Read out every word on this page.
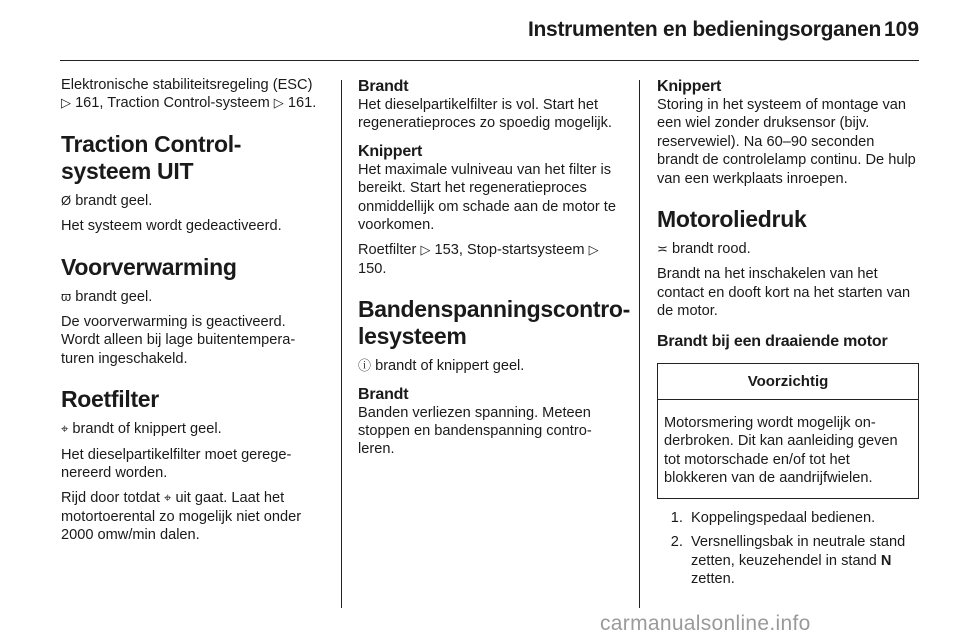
Instrumenten en bedieningsorganen 109

Elektronische stabiliteitsregeling (ESC) ▷ 161, Traction Control-systeem ▷ 161.

Traction Control-systeem UIT

Ø brandt geel.

Het systeem wordt gedeactiveerd.

Voorverwarming

ϖ brandt geel.

De voorverwarming is geactiveerd. Wordt alleen bij lage buitentemperaturen ingeschakeld.

Roetfilter

⌖ brandt of knippert geel.

Het dieselpartikelfilter moet geregenereerd worden.

Rijd door totdat ⌖ uit gaat. Laat het motortoerental zo mogelijk niet onder 2000 omw/min dalen.

Brandt

Het dieselpartikelfilter is vol. Start het regeneratieproces zo spoedig mogelijk.

Knippert

Het maximale vulniveau van het filter is bereikt. Start het regeneratieproces onmiddellijk om schade aan de motor te voorkomen.

Roetfilter ▷ 153, Stop-startsysteem ▷ 150.

Bandenspanningscontrolesysteem

ⓘ brandt of knippert geel.

Brandt

Banden verliezen spanning. Meteen stoppen en bandenspanning controleren.

Knippert

Storing in het systeem of montage van een wiel zonder druksensor (bijv. reservewiel). Na 60–90 seconden brandt de controlelamp continu. De hulp van een werkplaats inroepen.

Motoroliedruk

≍ brandt rood.

Brandt na het inschakelen van het contact en dooft kort na het starten van de motor.

Brandt bij een draaiende motor
Voorzichtig
Motorsmering wordt mogelijk onderbroken. Dit kan aanleiding geven tot motorschade en/of tot het blokkeren van de aandrijfwielen.
1. Koppelingspedaal bedienen.
2. Versnellingsbak in neutrale stand zetten, keuzehendel in stand N zetten.
carmanualsonline.info
